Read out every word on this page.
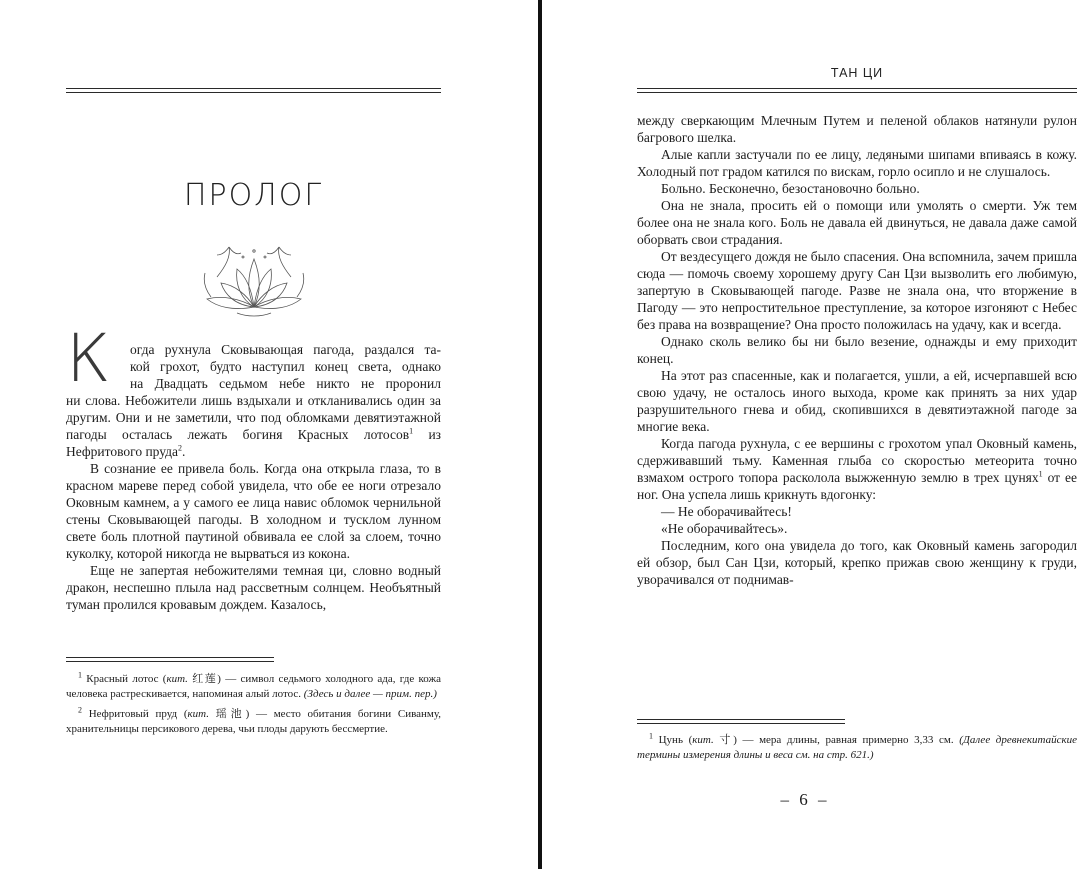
ПРОЛОГ
К	огда рухнула Сковывающая пагода, раздался та-
кой грохот, будто наступил конец света, однако
на Двадцать седьмом небе никто не проронил

ни слова. Небожители лишь вздыхали и откланивались один за другим. Они и не заметили, что под обломками девятиэтажной пагоды осталась лежать богиня Красных лотосов$^1$ из Нефритового пруда$^2$.

В сознание ее привела боль. Когда она открыла глаза, то в красном мареве перед собой увидела, что обе ее ноги отрезало Оковным камнем, а у самого ее лица навис обломок чернильной стены Сковывающей пагоды. В холодном и тусклом лунном свете боль плотной паутиной обвивала ее слой за слоем, точно куколку, которой никогда не вырваться из кокона.

Еще не запертая небожителями темная ци, словно водный дракон, неспешно плыла над рассветным солнцем. Необъятный туман пролился кровавым дождем. Казалось,

$^1$ Красный лотос (кит. 红莲) — символ седьмого холодного ада, где кожа человека растрескивается, напоминая алый лотос. (Здесь и далее — прим. пер.)

$^2$ Нефритовый пруд (кит. 瑶池) — место обитания богини Сиванму, хранительницы персикового дерева, чьи плоды дарують бессмертие.

ТАН ЦИ

между сверкающим Млечным Путем и пеленой облаков натянули рулон багрового шелка.

Алые капли застучали по ее лицу, ледяными шипами впиваясь в кожу. Холодный пот градом катился по вискам, горло осипло и не слушалось.

Больно. Бесконечно, безостановочно больно.

Она не знала, просить ей о помощи или умолять о смерти. Уж тем более она не знала кого. Боль не давала ей двинуться, не давала даже самой оборвать свои страдания.

От вездесущего дождя не было спасения. Она вспомнила, зачем пришла сюда — помочь своему хорошему другу Сан Цзи вызволить его любимую, запертую в Сковывающей пагоде. Разве не знала она, что вторжение в Пагоду — это непростительное преступление, за которое изгоняют с Небес без права на возвращение? Она просто положилась на удачу, как и всегда.

Однако сколь велико бы ни было везение, однажды и ему приходит конец.

На этот раз спасенные, как и полагается, ушли, а ей, исчерпавшей всю свою удачу, не осталось иного выхода, кроме как принять за них удар разрушительного гнева и обид, скопившихся в девятиэтажной пагоде за многие века.

Когда пагода рухнула, с ее вершины с грохотом упал Оковный камень, сдерживавший тьму. Каменная глыба со скоростью метеорита точно взмахом острого топора расколола выжженную землю в трех цунях$^1$ от ее ног. Она успела лишь крикнуть вдогонку:

— Не оборачивайтесь!

«Не оборачивайтесь».

Последним, кого она увидела до того, как Оковный камень загородил ей обзор, был Сан Цзи, который, крепко прижав свою женщину к груди, уворачивался от поднимав-

$^1$ Цунь (кит. 寸) — мера длины, равная примерно 3,33 см. (Далее древнекитайские термины измерения длины и веса см. на стр. 621.)

– 6 –
